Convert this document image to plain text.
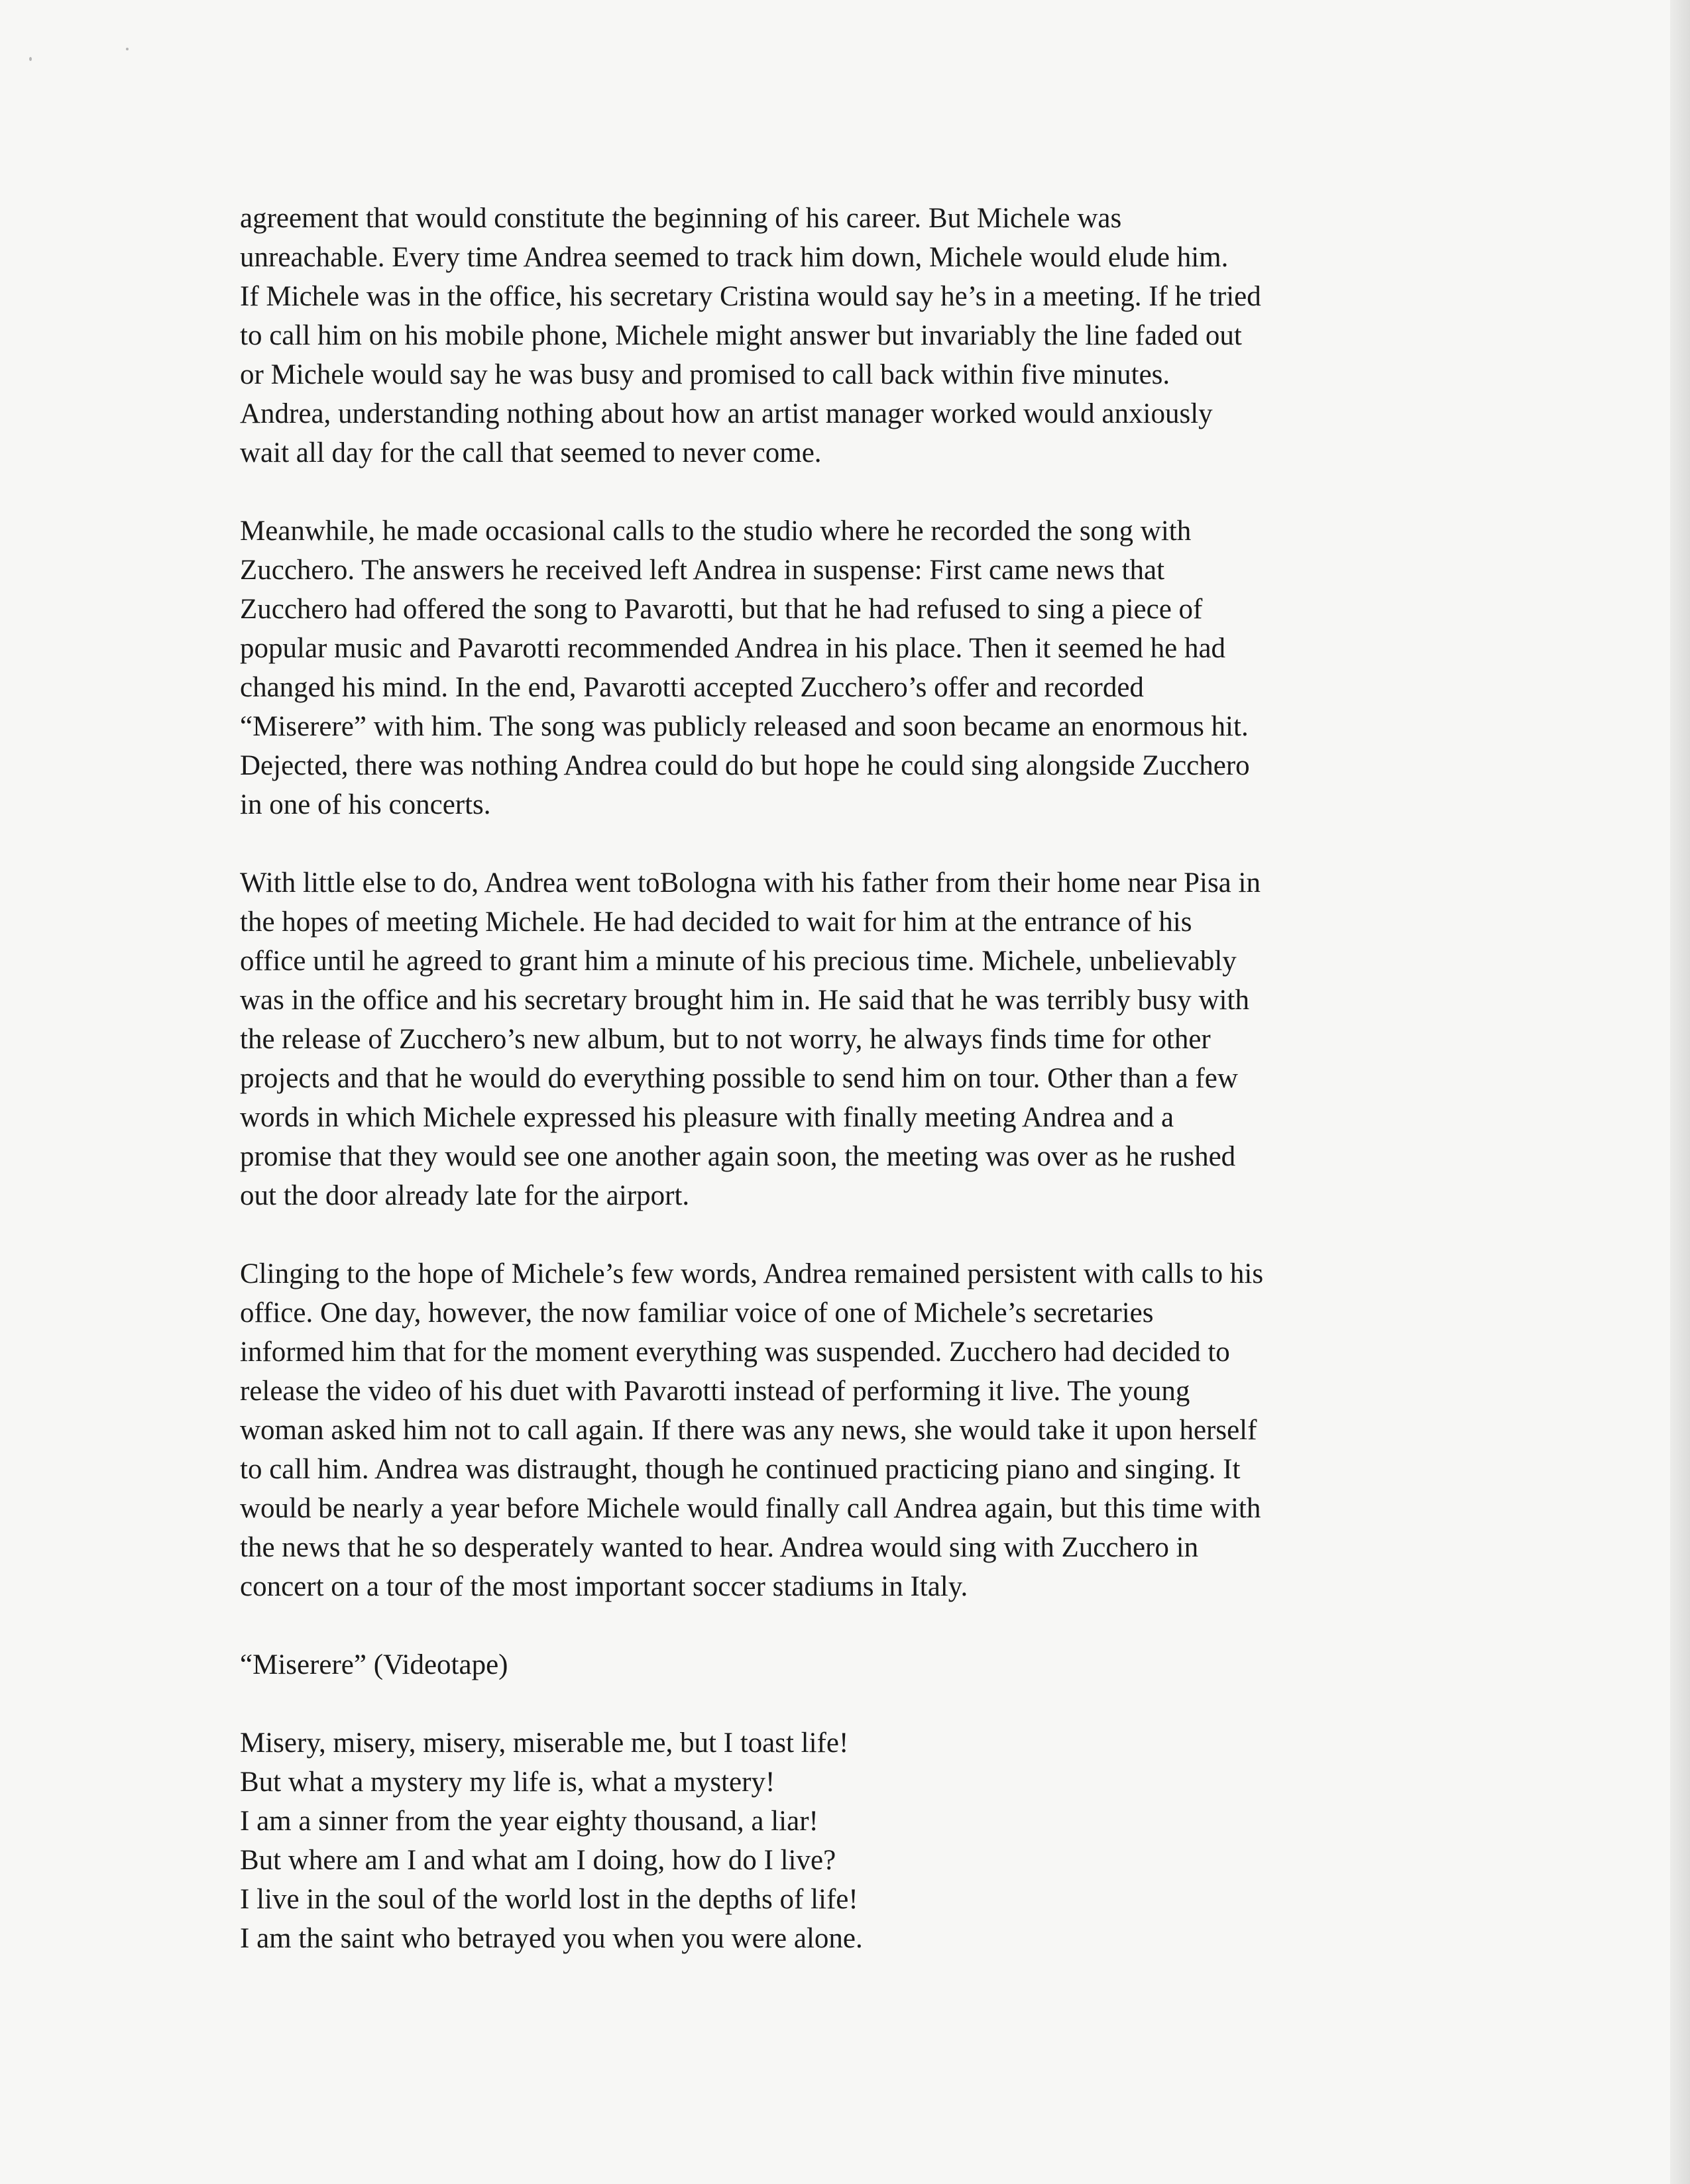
agreement that would constitute the beginning of his career. But Michele was
unreachable. Every time Andrea seemed to track him down, Michele would elude him.
If Michele was in the office, his secretary Cristina would say he’s in a meeting. If he tried
to call him on his mobile phone, Michele might answer but invariably the line faded out
or Michele would say he was busy and promised to call back within five minutes.
Andrea, understanding nothing about how an artist manager worked would anxiously
wait all day for the call that seemed to never come.

Meanwhile, he made occasional calls to the studio where he recorded the song with
Zucchero. The answers he received left Andrea in suspense: First came news that
Zucchero had offered the song to Pavarotti, but that he had refused to sing a piece of
popular music and Pavarotti recommended Andrea in his place. Then it seemed he had
changed his mind. In the end, Pavarotti accepted Zucchero’s offer and recorded
“Miserere” with him. The song was publicly released and soon became an enormous hit.
Dejected, there was nothing Andrea could do but hope he could sing alongside Zucchero
in one of his concerts.

With little else to do, Andrea went toBologna with his father from their home near Pisa in
the hopes of meeting Michele. He had decided to wait for him at the entrance of his
office until he agreed to grant him a minute of his precious time. Michele, unbelievably
was in the office and his secretary brought him in. He said that he was terribly busy with
the release of Zucchero’s new album, but to not worry, he always finds time for other
projects and that he would do everything possible to send him on tour. Other than a few
words in which Michele expressed his pleasure with finally meeting Andrea and a
promise that they would see one another again soon, the meeting was over as he rushed
out the door already late for the airport.

Clinging to the hope of Michele’s few words, Andrea remained persistent with calls to his
office. One day, however, the now familiar voice of one of Michele’s secretaries
informed him that for the moment everything was suspended. Zucchero had decided to
release the video of his duet with Pavarotti instead of performing it live. The young
woman asked him not to call again. If there was any news, she would take it upon herself
to call him. Andrea was distraught, though he continued practicing piano and singing. It
would be nearly a year before Michele would finally call Andrea again, but this time with
the news that he so desperately wanted to hear. Andrea would sing with Zucchero in
concert on a tour of the most important soccer stadiums in Italy.

“Miserere” (Videotape)

Misery, misery, misery, miserable me, but I toast life!
But what a mystery my life is, what a mystery!
I am a sinner from the year eighty thousand, a liar!
But where am I and what am I doing, how do I live?
I live in the soul of the world lost in the depths of life!
I am the saint who betrayed you when you were alone.
